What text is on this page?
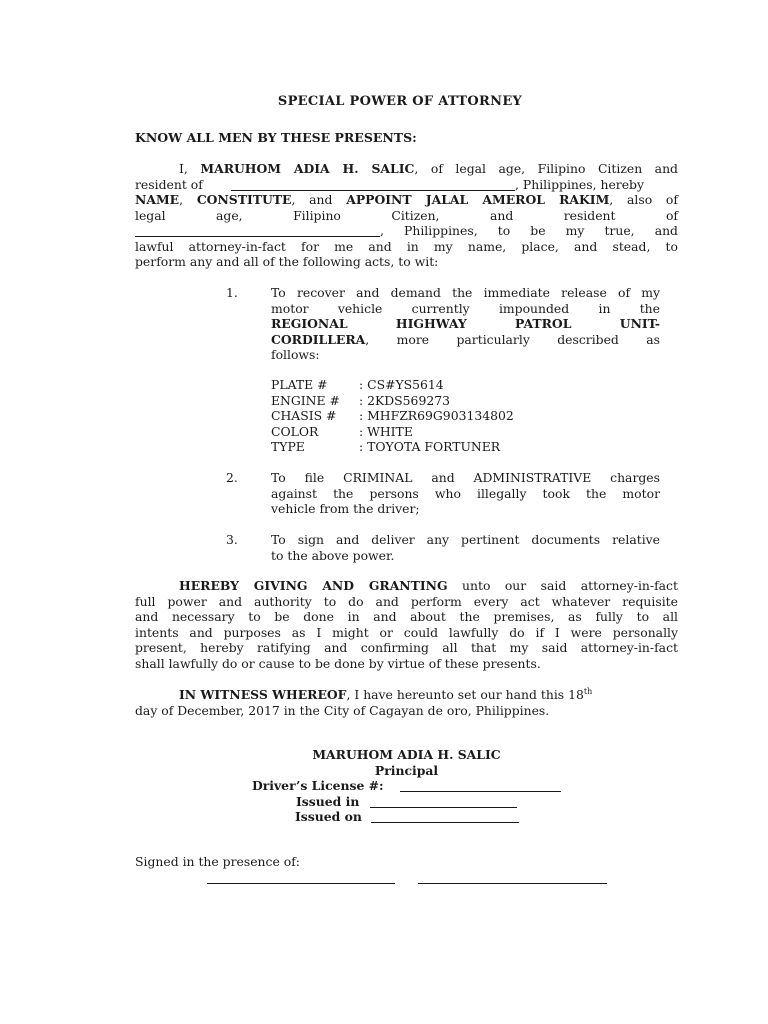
SPECIAL POWER OF ATTORNEY
KNOW ALL MEN BY THESE PRESENTS:
I, MARUHOM ADIA H. SALIC, of legal age, Filipino Citizen and
resident of	, Philippines, hereby
NAME, CONSTITUTE, and APPOINT JALAL AMEROL RAKIM, also of
legal age, Filipino Citizen, and resident of
, Philippines, to be my true, and
lawful attorney-in-fact for me and in my name, place, and stead, to
perform any and all of the following acts, to wit:
1.	To recover and demand the immediate release of my
motor vehicle currently impounded in the
REGIONAL HIGHWAY PATROL UNIT-
CORDILLERA, more particularly described as
follows:
PLATE #	: CS#YS5614
ENGINE # : 2KDS569273
CHASIS # : MHFZR69G903134802
COLOR	: WHITE
TYPE	: TOYOTA FORTUNER
2.	To file CRIMINAL and ADMINISTRATIVE charges
against the persons who illegally took the motor
vehicle from the driver;
3.	To sign and deliver any pertinent documents relative
to the above power.
HEREBY GIVING AND GRANTING unto our said attorney-in-fact
full power and authority to do and perform every act whatever requisite
and necessary to be done in and about the premises, as fully to all
intents and purposes as I might or could lawfully do if I were personally
present, hereby ratifying and confirming all that my said attorney-in-fact
shall lawfully do or cause to be done by virtue of these presents.
IN WITNESS WHEREOF, I have hereunto set our hand this 18th
day of December, 2017 in the City of Cagayan de oro, Philippines.
MARUHOM ADIA H. SALIC
Principal
Driver’s License #:
Issued in
Issued on
Signed in the presence of:
